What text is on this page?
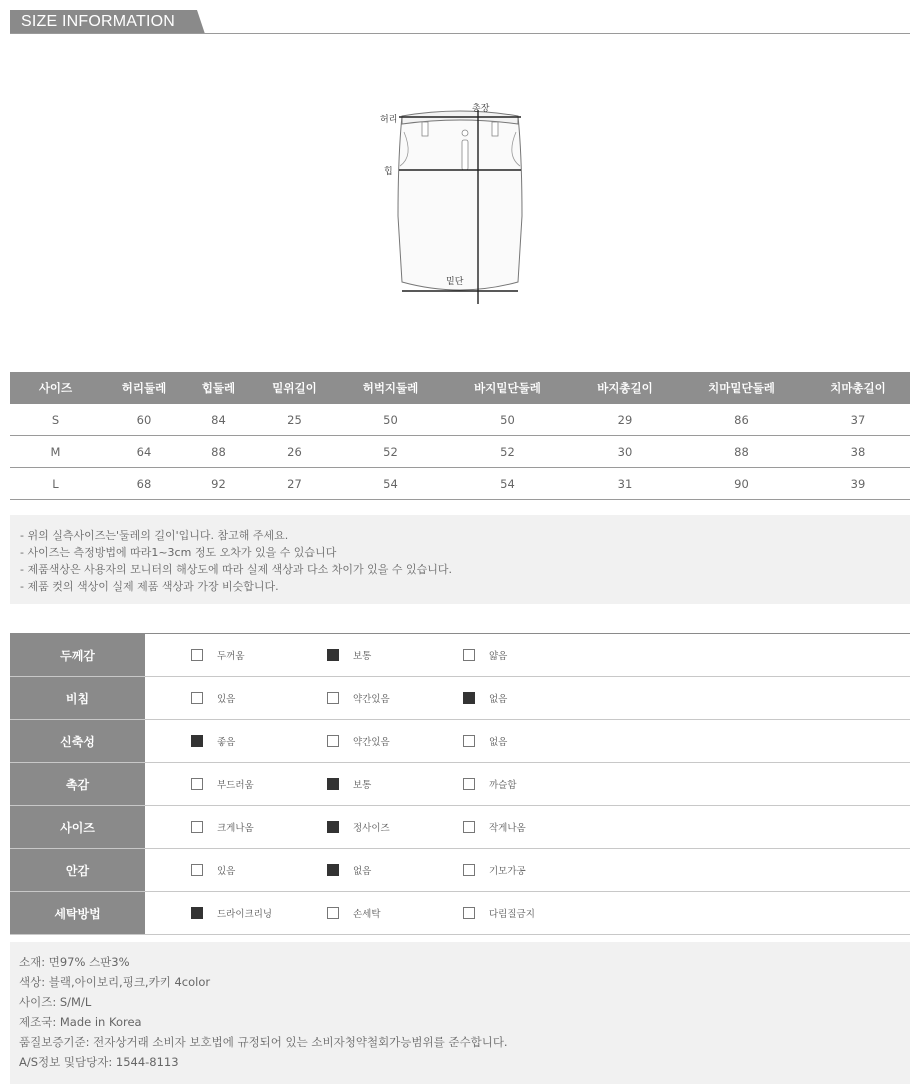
SIZE INFORMATION
총장
허리
힙
밑단
사이즈	허리둘레	힙둘레	밑위길이	허벅지둘레	바지밑단둘레	바지총길이	치마밑단둘레	치마총길이
S	60	84	25	50	50	29	86	37
M	64	88	26	52	52	30	88	38
L	68	92	27	54	54	31	90	39
- 위의 실측사이즈는'둘레의 길이'입니다. 참고해 주세요.
- 사이즈는 측정방법에 따라1~3cm 정도 오차가 있을 수 있습니다
- 제품색상은 사용자의 모니터의 해상도에 따라 실제 색상과 다소 차이가 있을 수 있습니다.
- 제품 컷의 색상이 실제 제품 색상과 가장 비슷합니다.
두께감	두꺼움	보통	얇음
비침	있음	약간있음	없음
신축성	좋음	약간있음	없음
촉감	부드러움	보통	까슬함
사이즈	크게나옴	정사이즈	작게나옴
안감	있음	없음	기모가공
세탁방법	드라이크리닝	손세탁	다림질금지
소재: 면97% 스판3%
색상: 블랙,아이보리,핑크,카키 4color
사이즈: S/M/L
제조국: Made in Korea
품질보증기준: 전자상거래 소비자 보호법에 규정되어 있는 소비자청약철회가능범위를 준수합니다.
A/S정보 및담당자: 1544-8113
